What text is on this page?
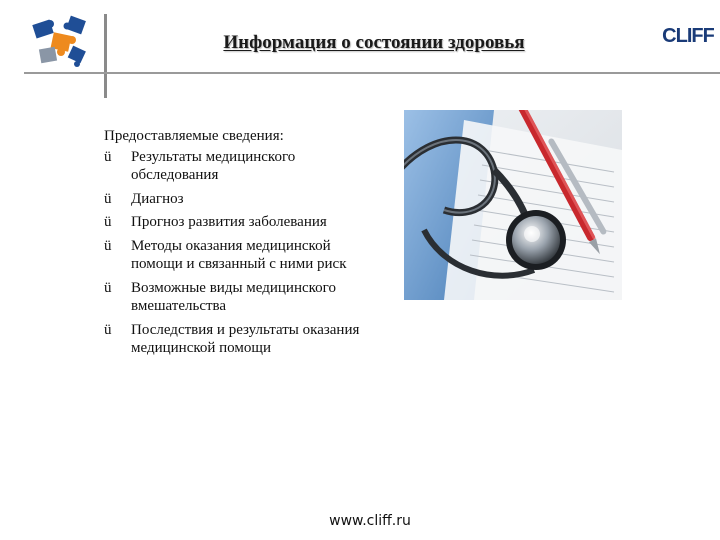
Информация о состоянии здоровья	CLIFF
Предоставляемые сведения:
ü	Результаты медицинского обследования
ü	Диагноз
ü	Прогноз развития заболевания
ü	Методы оказания медицинской помощи и связанный с ними риск
ü	Возможные виды медицинского вмешательства
ü	Последствия и результаты оказания медицинской помощи
www.cliff.ru
